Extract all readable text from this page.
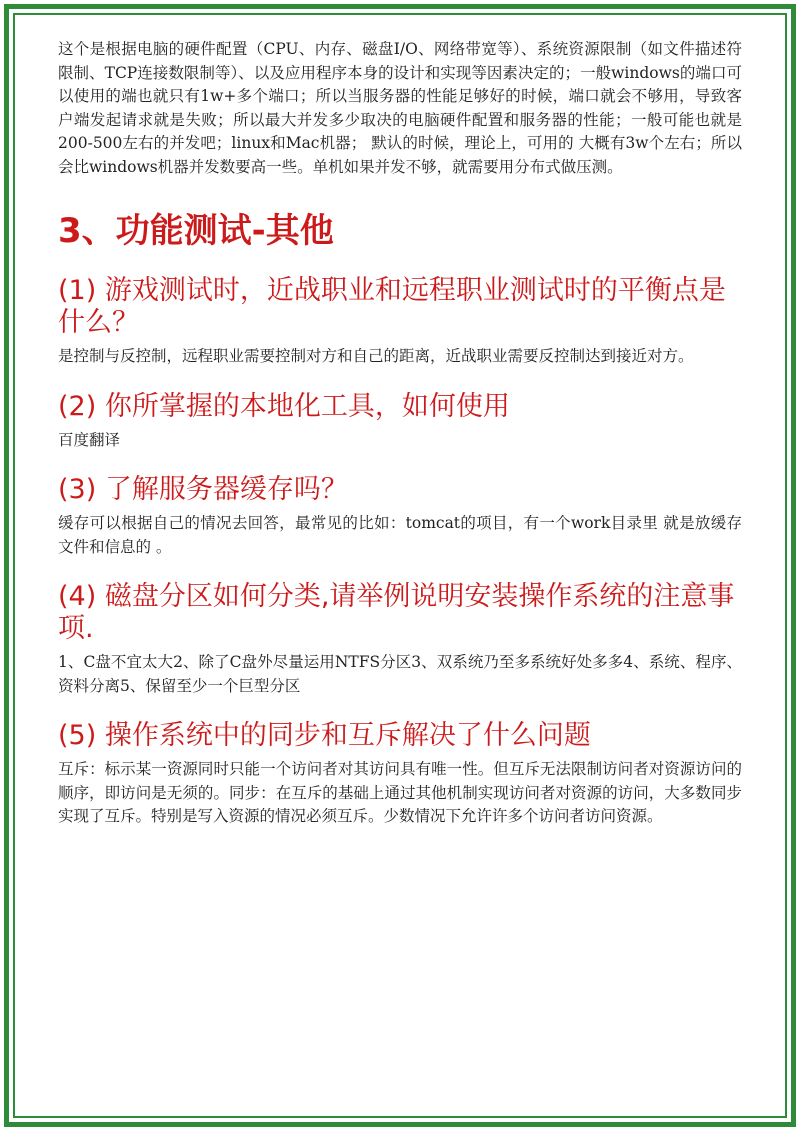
这个是根据电脑的硬件配置（CPU、内存、磁盘I/O、网络带宽等）、系统资源限制（如文件描述符限制、TCP连接数限制等）、以及应用程序本身的设计和实现等因素决定的；一般windows的端口可以使用的端也就只有1w+多个端口；所以当服务器的性能足够好的时候，端口就会不够用，导致客户端发起请求就是失败；所以最大并发多少取决的电脑硬件配置和服务器的性能；一般可能也就是200-500左右的并发吧；linux和Mac机器； 默认的时候，理论上，可用的 大概有3w个左右；所以会比windows机器并发数要高一些。单机如果并发不够，就需要用分布式做压测。

3、功能测试-其他
(1) 游戏测试时，近战职业和远程职业测试时的平衡点是什么？

是控制与反控制，远程职业需要控制对方和自己的距离，近战职业需要反控制达到接近对方。

(2) 你所掌握的本地化工具，如何使用

百度翻译

(3) 了解服务器缓存吗？

缓存可以根据自己的情况去回答，最常见的比如：tomcat的项目，有一个work目录里 就是放缓存文件和信息的 。

(4) 磁盘分区如何分类,请举例说明安装操作系统的注意事项.

1、C盘不宜太大2、除了C盘外尽量运用NTFS分区3、双系统乃至多系统好处多多4、系统、程序、资料分离5、保留至少一个巨型分区

(5) 操作系统中的同步和互斥解决了什么问题

互斥：标示某一资源同时只能一个访问者对其访问具有唯一性。但互斥无法限制访问者对资源访问的顺序，即访问是无须的。同步：在互斥的基础上通过其他机制实现访问者对资源的访问，大多数同步实现了互斥。特别是写入资源的情况必须互斥。少数情况下允许许多个访问者访问资源。
